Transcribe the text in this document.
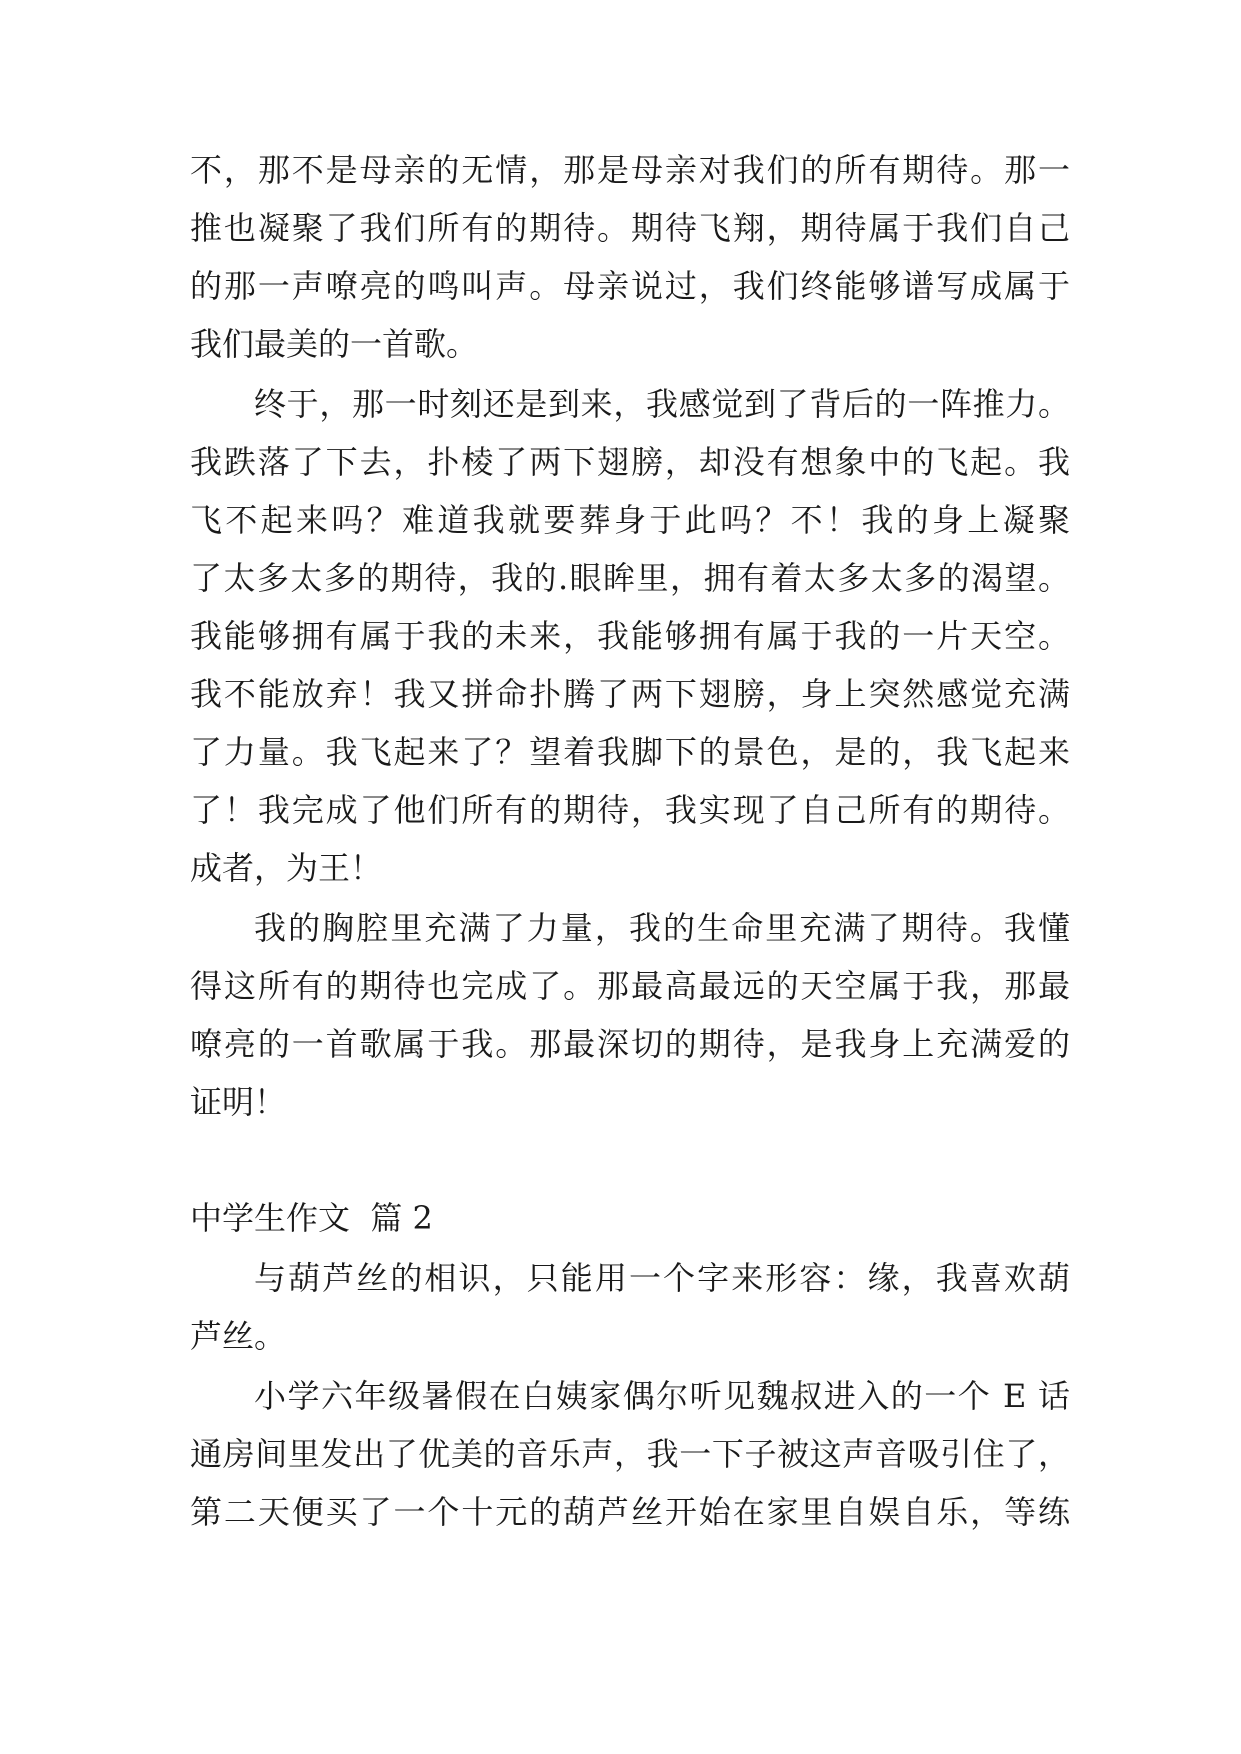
不，那不是母亲的无情，那是母亲对我们的所有期待。那一
推也凝聚了我们所有的期待。期待飞翔，期待属于我们自己
的那一声嘹亮的鸣叫声。母亲说过，我们终能够谱写成属于
我们最美的一首歌。
终于，那一时刻还是到来，我感觉到了背后的一阵推力。
我跌落了下去，扑棱了两下翅膀，却没有想象中的飞起。我
飞不起来吗？难道我就要葬身于此吗？不！我的身上凝聚
了太多太多的期待，我的.眼眸里，拥有着太多太多的渴望。
我能够拥有属于我的未来，我能够拥有属于我的一片天空。
我不能放弃！我又拼命扑腾了两下翅膀，身上突然感觉充满
了力量。我飞起来了？望着我脚下的景色，是的，我飞起来
了！我完成了他们所有的期待，我实现了自己所有的期待。
成者，为王！
我的胸腔里充满了力量，我的生命里充满了期待。我懂
得这所有的期待也完成了。那最高最远的天空属于我，那最
嘹亮的一首歌属于我。那最深切的期待，是我身上充满爱的
证明！
中学生作文  篇 2
与葫芦丝的相识，只能用一个字来形容：缘，我喜欢葫
芦丝。
小学六年级暑假在白姨家偶尔听见魏叔进入的一个 E 话
通房间里发出了优美的音乐声，我一下子被这声音吸引住了，
第二天便买了一个十元的葫芦丝开始在家里自娱自乐，等练
